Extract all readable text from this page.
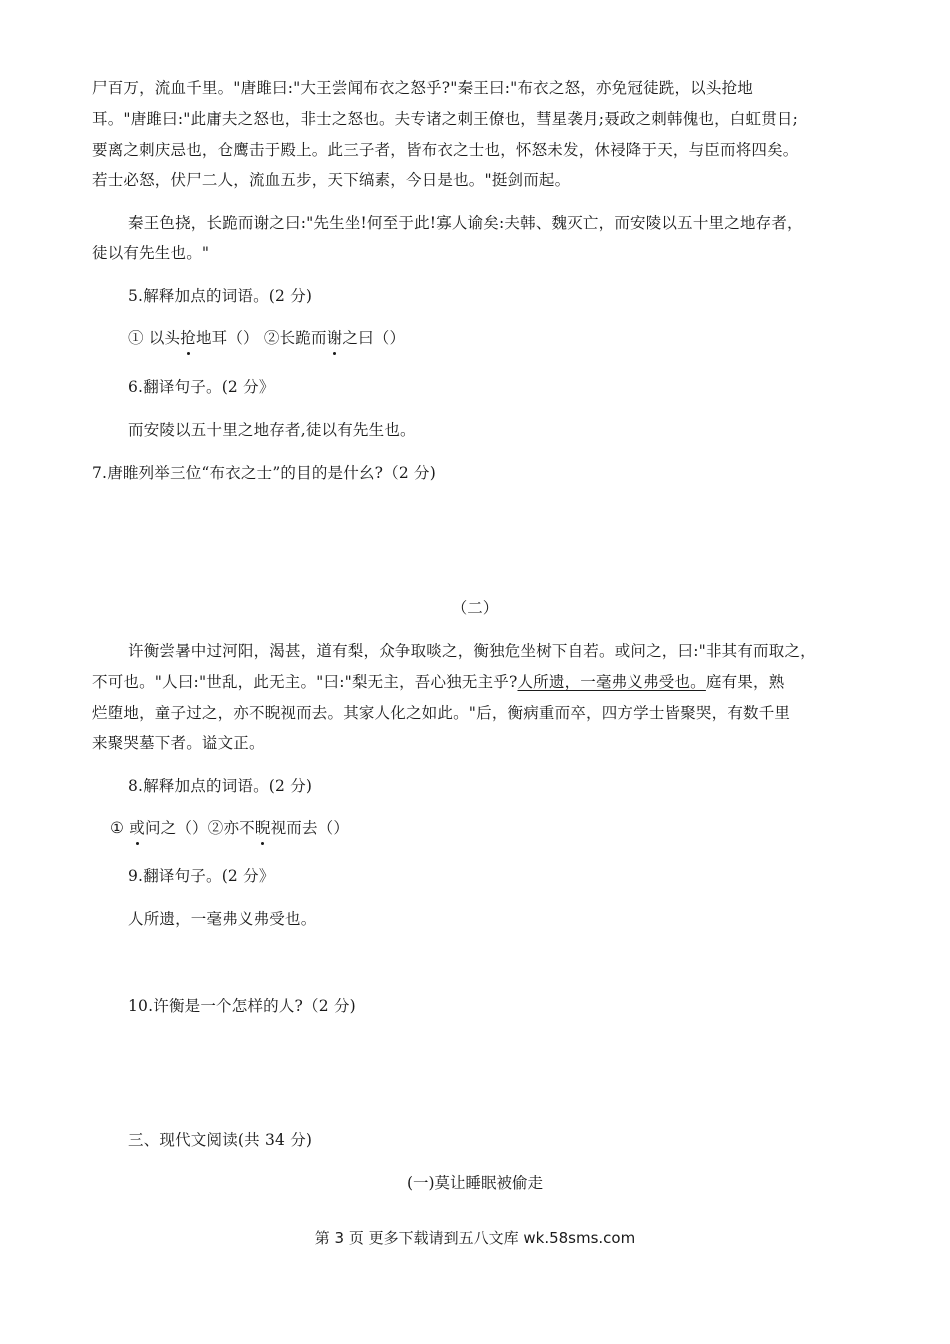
尸百万，流血千里。"唐雎曰:"大王尝闻布衣之怒乎?"秦王曰:"布衣之怒，亦免冠徒跣，以头抢地
耳。"唐雎曰:"此庸夫之怒也，非士之怒也。夫专诸之刺王僚也，彗星袭月;聂政之刺韩傀也，白虹贯日;
要离之刺庆忌也，仓鹰击于殿上。此三子者，皆布衣之士也，怀怒未发，休祲降于天，与臣而将四矣。
若士必怒，伏尸二人，流血五步，天下缟素，今日是也。"挺剑而起。
秦王色挠，长跪而谢之曰:"先生坐!何至于此!寡人谕矣:夫韩、魏灭亡，而安陵以五十里之地存者，
徒以有先生也。"
5.解释加点的词语。(2 分)
① 以头抢地耳（） ②长跪而谢之曰（）
6.翻译句子。(2 分》
而安陵以五十里之地存者,徒以有先生也。
7.唐睢列举三位“布衣之士”的目的是什幺?（2 分)
（二）
许衡尝暑中过河阳，渴甚，道有梨，众争取啖之，衡独危坐树下自若。或问之，曰:"非其有而取之，
不可也。"人曰:"世乱，此无主。"曰:"梨无主，吾心独无主乎?人所遗，一毫弗义弗受也。庭有果，熟
烂堕地，童子过之，亦不睨视而去。其家人化之如此。"后，衡病重而卒，四方学士皆聚哭，有数千里
来聚哭墓下者。谥文正。
8.解释加点的词语。(2 分)
① 或问之（）②亦不睨视而去（）
9.翻译句子。(2 分》
人所遗，一毫弗义弗受也。
10.许衡是一个怎样的人?（2 分)
三、现代文阅读(共 34 分)
(一)莫让睡眠被偷走
第 3 页 更多下载请到五八文库 wk.58sms.com
